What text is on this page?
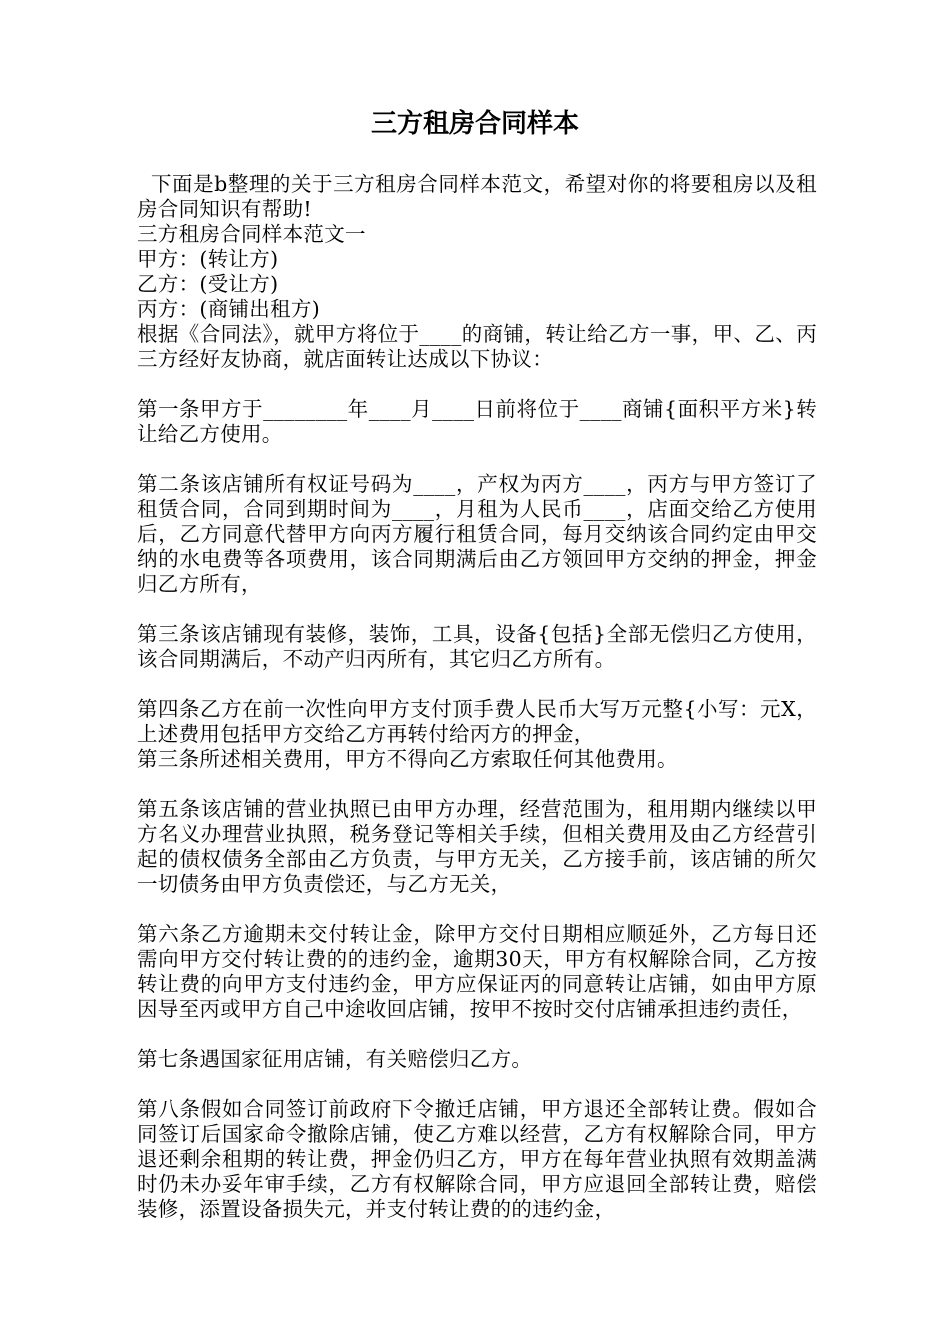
三方租房合同样本

下面是b整理的关于三方租房合同样本范文，希望对你的将要租房以及租房合同知识有帮助!

三方租房合同样本范文一

甲方：(转让方)

乙方：(受让方)

丙方：(商铺出租方)

根据《合同法》，就甲方将位于____的商铺，转让给乙方一事，甲、乙、丙三方经好友协商，就店面转让达成以下协议：

第一条甲方于________年____月____日前将位于____商铺{面积平方米}转让给乙方使用。

第二条该店铺所有权证号码为____，产权为丙方____，丙方与甲方签订了租赁合同，合同到期时间为____，月租为人民币____，店面交给乙方使用后，乙方同意代替甲方向丙方履行租赁合同，每月交纳该合同约定由甲交纳的水电费等各项费用，该合同期满后由乙方领回甲方交纳的押金，押金归乙方所有，

第三条该店铺现有装修，装饰，工具，设备{包括}全部无偿归乙方使用，该合同期满后，不动产归丙所有，其它归乙方所有。

第四条乙方在前一次性向甲方支付顶手费人民币大写万元整{小写：元X，上述费用包括甲方交给乙方再转付给丙方的押金，

第三条所述相关费用，甲方不得向乙方索取任何其他费用。

第五条该店铺的营业执照已由甲方办理，经营范围为，租用期内继续以甲方名义办理营业执照，税务登记等相关手续，但相关费用及由乙方经营引起的债权债务全部由乙方负责，与甲方无关，乙方接手前，该店铺的所欠一切债务由甲方负责偿还，与乙方无关，

第六条乙方逾期未交付转让金，除甲方交付日期相应顺延外，乙方每日还需向甲方交付转让费的的违约金，逾期30天，甲方有权解除合同，乙方按转让费的向甲方支付违约金，甲方应保证丙的同意转让店铺，如由甲方原因导至丙或甲方自己中途收回店铺，按甲不按时交付店铺承担违约责任，

第七条遇国家征用店铺，有关赔偿归乙方。

第八条假如合同签订前政府下令撤迁店铺，甲方退还全部转让费。假如合同签订后国家命令撤除店铺，使乙方难以经营，乙方有权解除合同，甲方退还剩余租期的转让费，押金仍归乙方，甲方在每年营业执照有效期盖满时仍未办妥年审手续，乙方有权解除合同，甲方应退回全部转让费，赔偿装修，添置设备损失元，并支付转让费的的违约金，
